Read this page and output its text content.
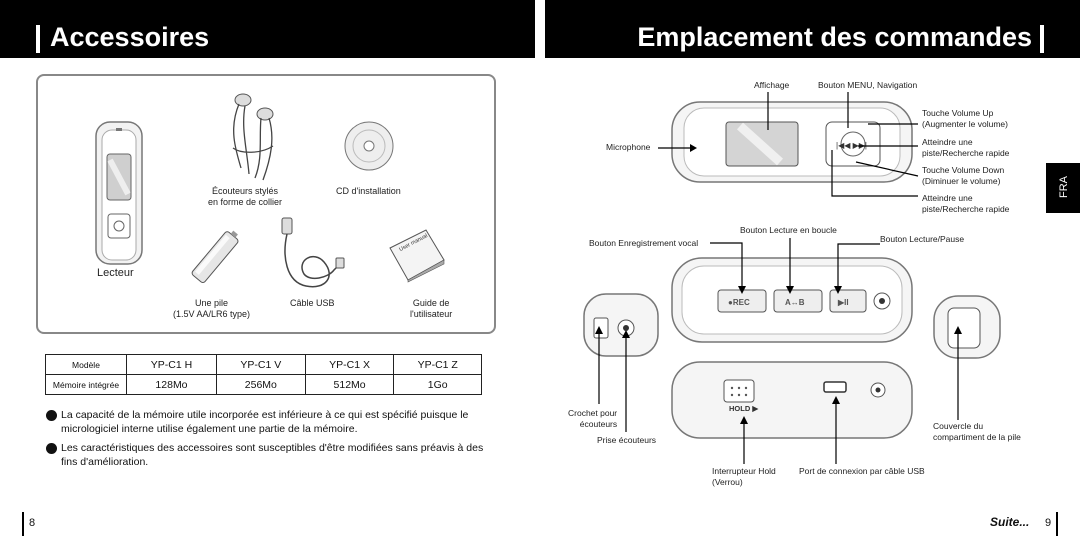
Accessoires	Emplacement des commandes
Lecteur
Écouteurs stylés
en forme de collier
CD d'installation
Une pile
(1.5V AA/LR6 type)
Câble USB
User manual
Guide de
l'utilisateur
Modèle	YP-C1 H	YP-C1 V	YP-C1 X	YP-C1 Z
Mémoire intégrée	128Mo	256Mo	512Mo	1Go
La capacité de la mémoire utile incorporée est inférieure à ce qui est spécifié puisque le micrologiciel interne utilise également une partie de la mémoire.
Les caractéristiques des accessoires sont susceptibles d'être modifiées sans préavis à des fins d'amélioration.
8	Suite... 9
FRA
|◀◀ ▶▶|
Affichage	Bouton MENU, Navigation
Touche Volume Up
(Augmenter le volume)
Atteindre une
piste/Recherche rapide
Touche Volume Down
(Diminuer le volume)
Atteindre une
piste/Recherche rapide
Microphone
●REC	A↔B	▶II
Bouton Lecture en boucle
Bouton Enregistrement vocal	Bouton Lecture/Pause
Crochet pour
écouteurs
Prise écouteurs
Couvercle du
compartiment de la pile
HOLD ▶
Interrupteur Hold
(Verrou)
Port de connexion par câble USB
